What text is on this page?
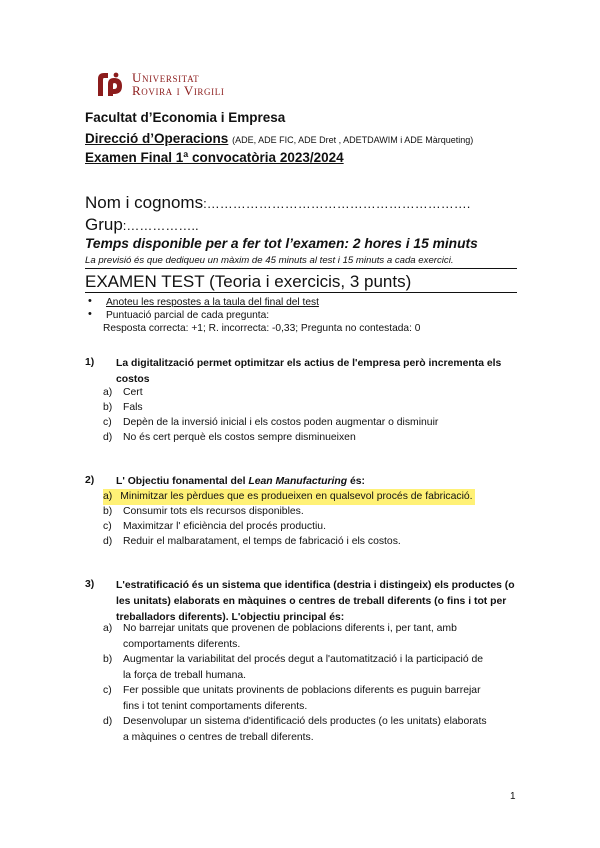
Universitat
Rovira i Virgili
Facultat d’Economia i Empresa
Direcció d’Operacions (ADE, ADE FIC, ADE Dret , ADETDAWIM i ADE Màrqueting)
Examen Final 1ª convocatòria 2023/2024
Nom i cognoms:…………………………………………………….
Grup:……………..
Temps disponible per a fer tot l’examen: 2 hores i 15 minuts
La previsió és que dediqueu un màxim de 45 minuts al test i 15 minuts a cada exercici.
EXAMEN TEST (Teoria i exercicis, 3 punts)
• Anoteu les respostes a la taula del final del test
• Puntuació parcial de cada pregunta:
Resposta correcta: +1; R. incorrecta: -0,33; Pregunta no contestada: 0
1) La digitalització permet optimitzar els actius de l'empresa però incrementa els
costos
a) Cert
b) Fals
c) Depèn de la inversió inicial i els costos poden augmentar o disminuir
d) No és cert perquè els costos sempre disminueixen
2) L' Objectiu fonamental del Lean Manufacturing és:
a) Minimitzar les pèrdues que es produeixen en qualsevol procés de fabricació.
b) Consumir tots els recursos disponibles.
c) Maximitzar l' eficiència del procés productiu.
d) Reduir el malbaratament, el temps de fabricació i els costos.
3) L'estratificació és un sistema que identifica (destria i distingeix) els productes (o
les unitats) elaborats en màquines o centres de treball diferents (o fins i tot per
treballadors diferents). L'objectiu principal és:
a) No barrejar unitats que provenen de poblacions diferents i, per tant, amb
comportaments diferents.
b) Augmentar la variabilitat del procés degut a l'automatització i la participació de
la força de treball humana.
c) Fer possible que unitats provinents de poblacions diferents es puguin barrejar
fins i tot tenint comportaments diferents.
d) Desenvolupar un sistema d'identificació dels productes (o les unitats) elaborats
a màquines o centres de treball diferents.
1
